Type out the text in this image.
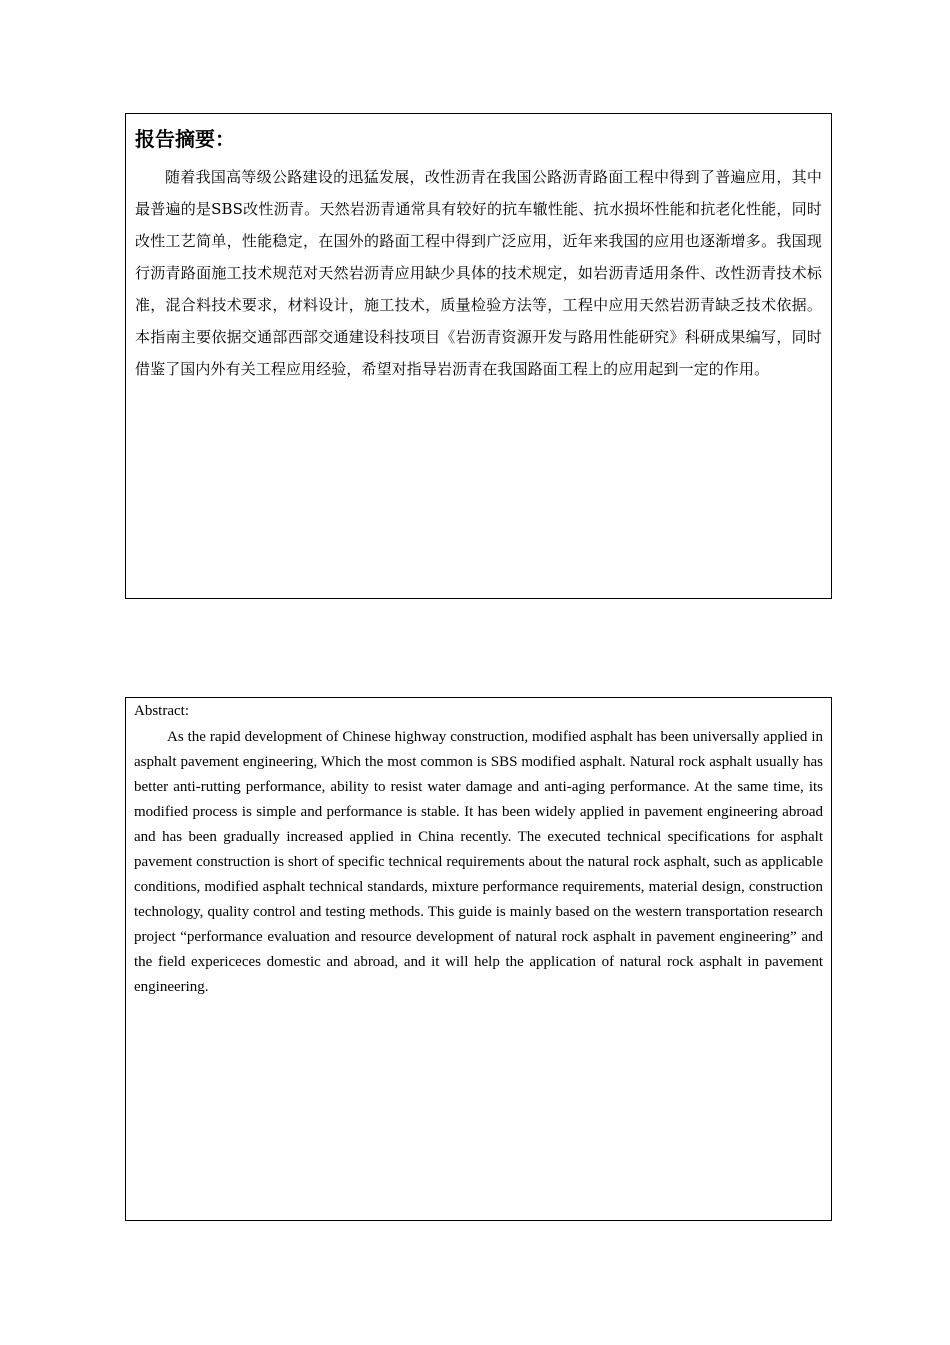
报告摘要：

随着我国高等级公路建设的迅猛发展，改性沥青在我国公路沥青路面工程中得到了普遍应用，其中最普遍的是SBS改性沥青。天然岩沥青通常具有较好的抗车辙性能、抗水损坏性能和抗老化性能，同时改性工艺简单，性能稳定，在国外的路面工程中得到广泛应用，近年来我国的应用也逐渐增多。我国现行沥青路面施工技术规范对天然岩沥青应用缺少具体的技术规定，如岩沥青适用条件、改性沥青技术标准，混合料技术要求，材料设计，施工技术，质量检验方法等，工程中应用天然岩沥青缺乏技术依据。本指南主要依据交通部西部交通建设科技项目《岩沥青资源开发与路用性能研究》科研成果编写，同时借鉴了国内外有关工程应用经验，希望对指导岩沥青在我国路面工程上的应用起到一定的作用。

Abstract:

As the rapid development of Chinese highway construction, modified asphalt has been universally applied in asphalt pavement engineering, Which the most common is SBS modified asphalt. Natural rock asphalt usually has better anti-rutting performance, ability to resist water damage and anti-aging performance. At the same time, its modified process is simple and performance is stable. It has been widely applied in pavement engineering abroad and has been gradually increased applied in China recently. The executed technical specifications for asphalt pavement construction is short of specific technical requirements about the natural rock asphalt, such as applicable conditions, modified asphalt technical standards, mixture performance requirements, material design, construction technology, quality control and testing methods. This guide is mainly based on the western transportation research project “performance evaluation and resource development of natural rock asphalt in pavement engineering” and the field expericeces domestic and abroad, and it will help the application of natural rock asphalt in pavement engineering.
